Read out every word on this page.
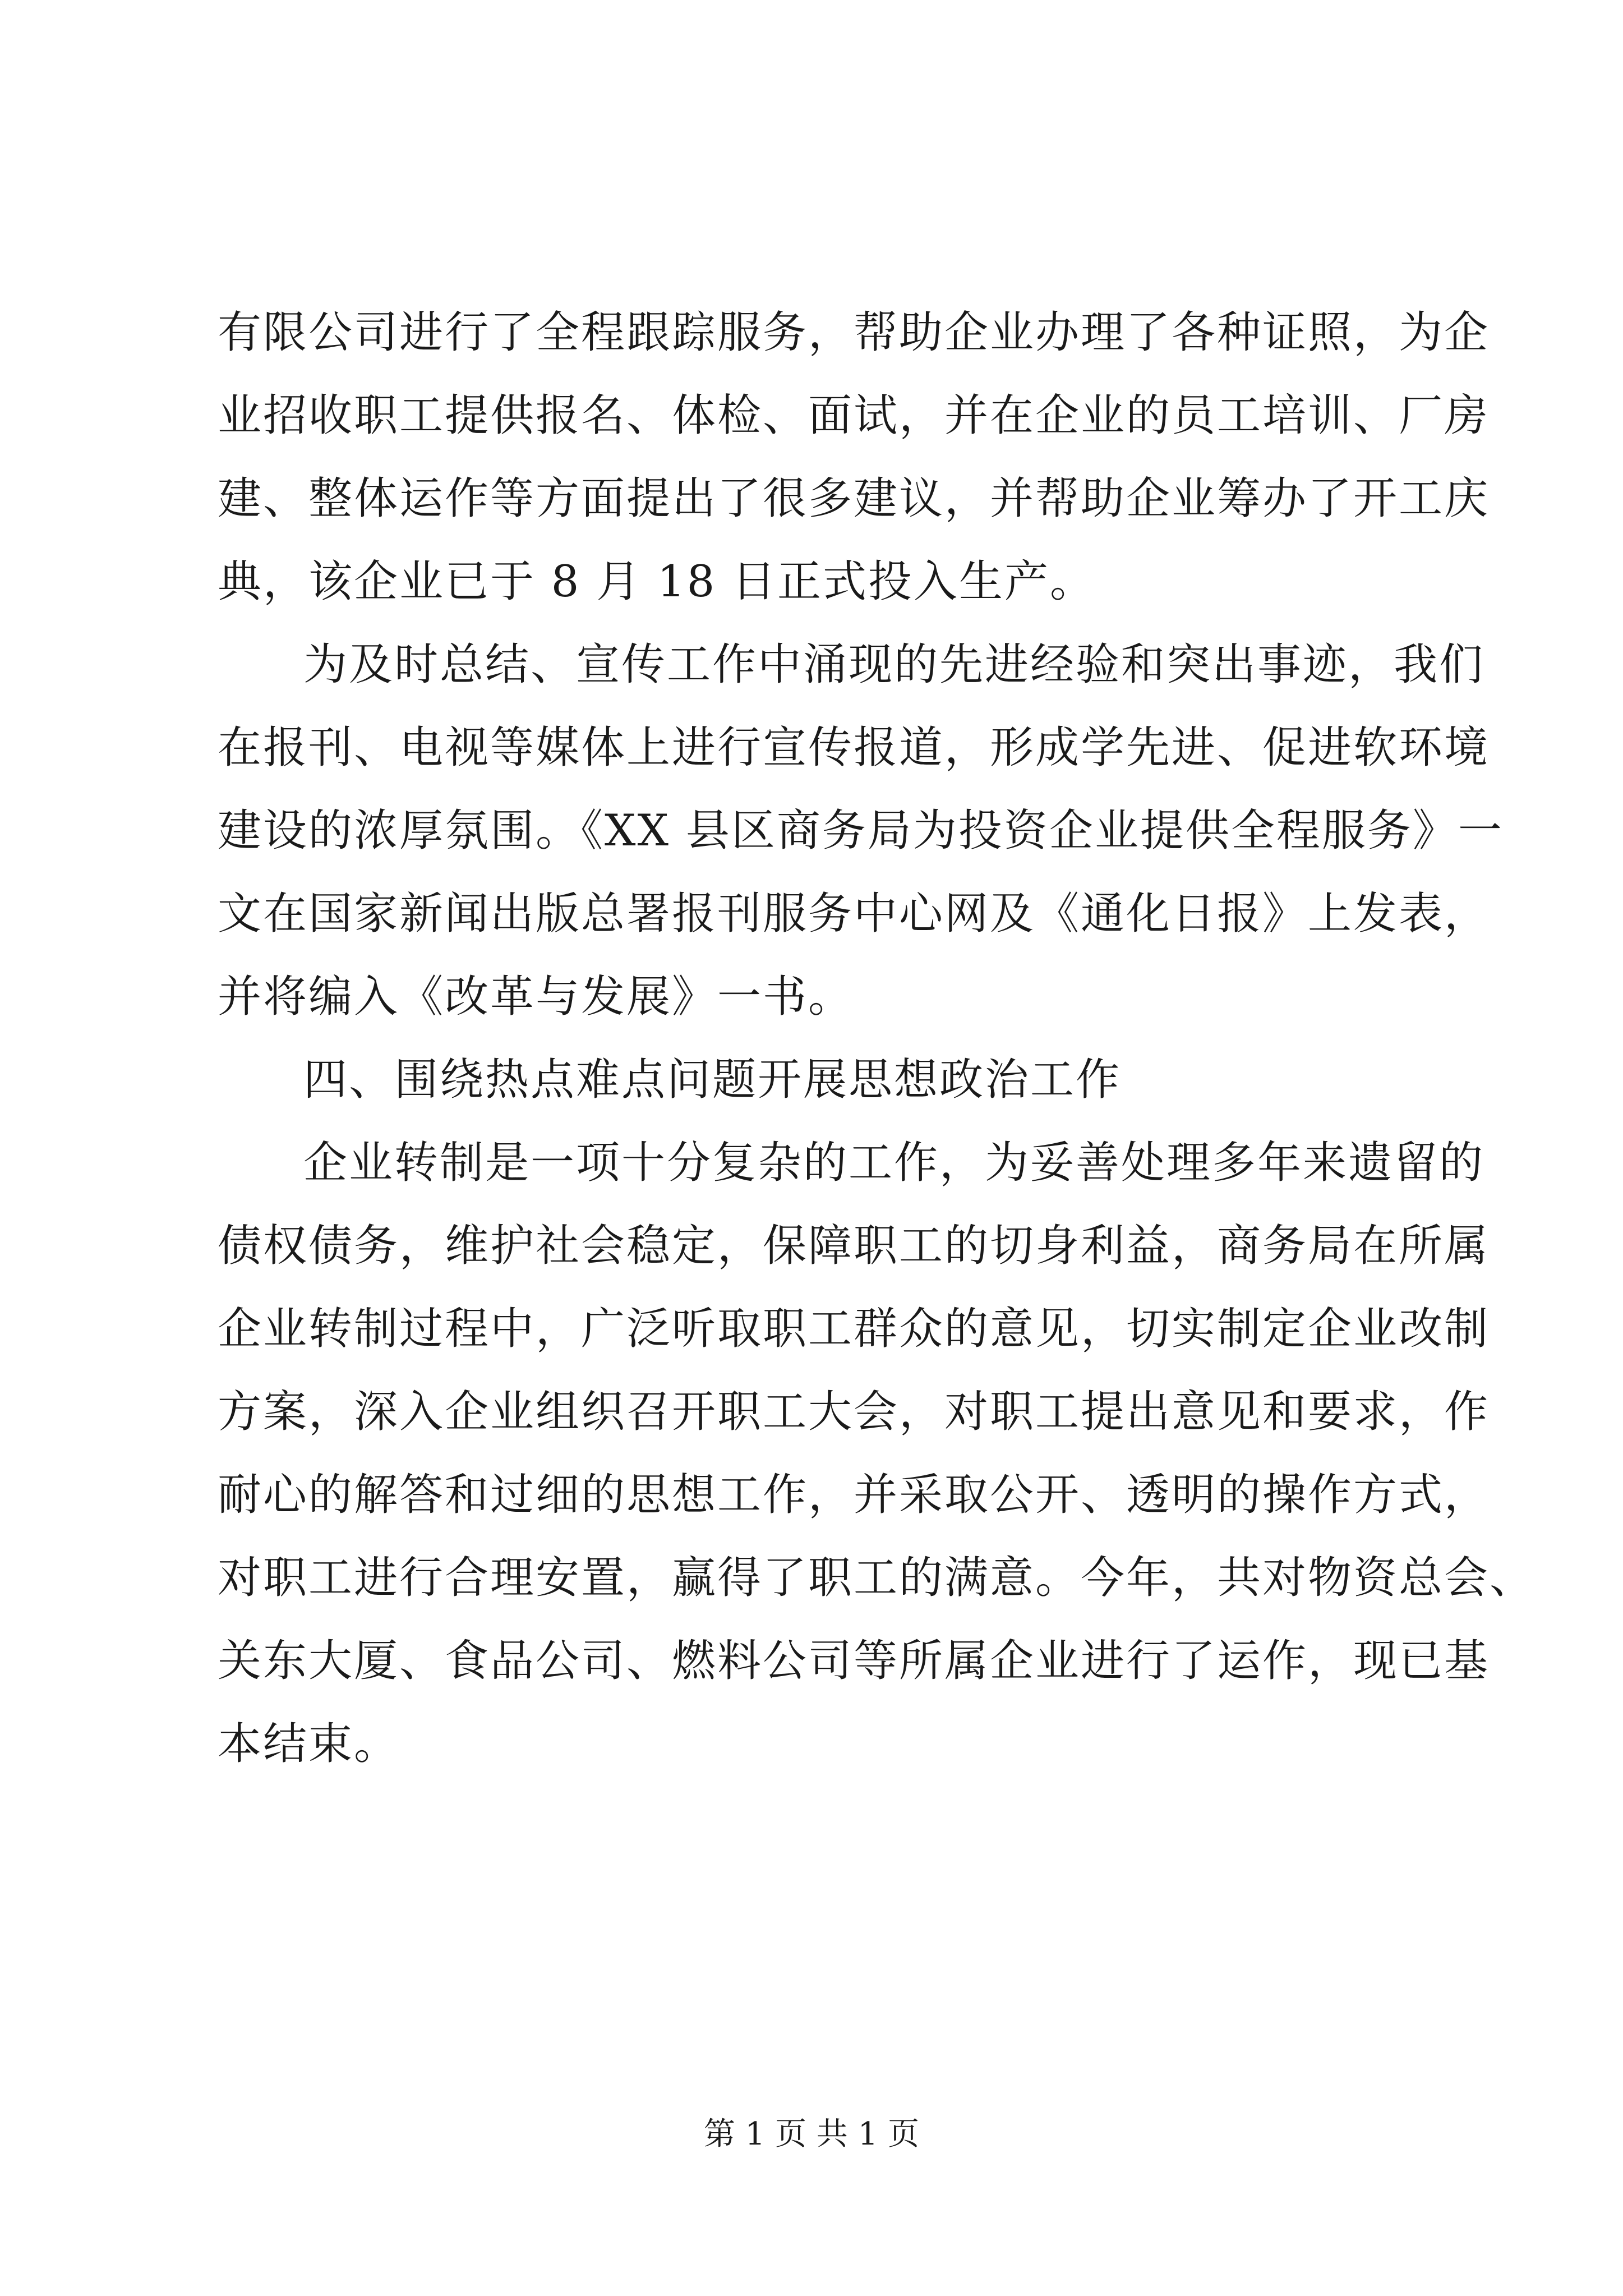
有限公司进行了全程跟踪服务，帮助企业办理了各种证照，为企
业招收职工提供报名、体检、面试，并在企业的员工培训、厂房
建、整体运作等方面提出了很多建议，并帮助企业筹办了开工庆
典，该企业已于 8 月 18 日正式投入生产。
为及时总结、宣传工作中涌现的先进经验和突出事迹，我们
在报刊、电视等媒体上进行宣传报道，形成学先进、促进软环境
建设的浓厚氛围。《XX 县区商务局为投资企业提供全程服务》一
文在国家新闻出版总署报刊服务中心网及《通化日报》上发表，
并将编入《改革与发展》一书。
四、围绕热点难点问题开展思想政治工作
企业转制是一项十分复杂的工作，为妥善处理多年来遗留的
债权债务，维护社会稳定，保障职工的切身利益，商务局在所属
企业转制过程中，广泛听取职工群众的意见，切实制定企业改制
方案，深入企业组织召开职工大会，对职工提出意见和要求，作
耐心的解答和过细的思想工作，并采取公开、透明的操作方式，
对职工进行合理安置，赢得了职工的满意。今年，共对物资总会、
关东大厦、食品公司、燃料公司等所属企业进行了运作，现已基
本结束。
第 1 页 共 1 页
